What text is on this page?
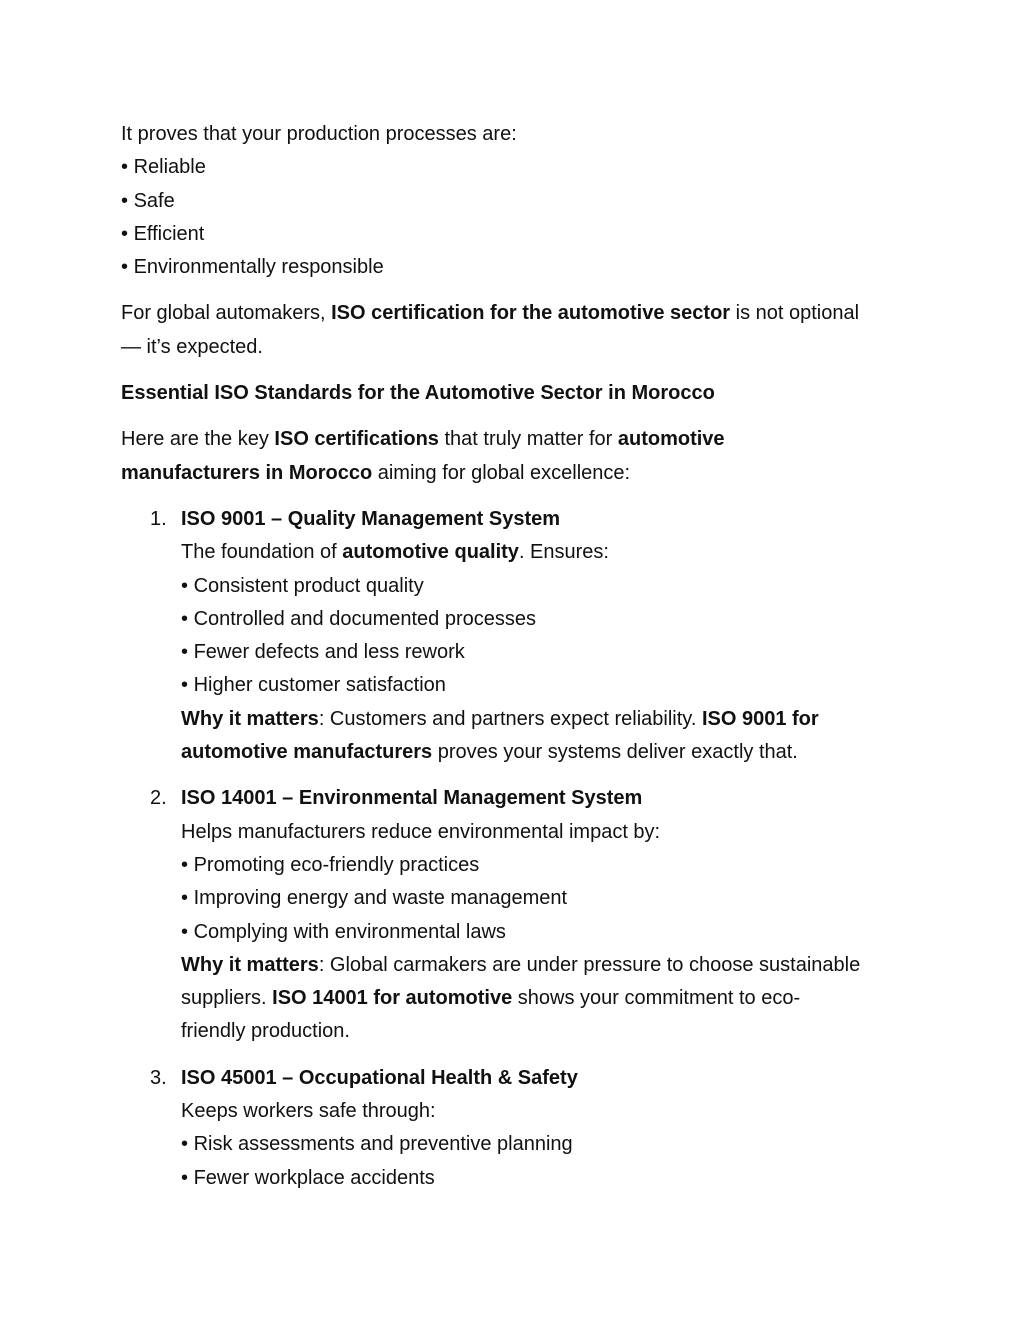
It proves that your production processes are:
• Reliable
• Safe
• Efficient
• Environmentally responsible
For global automakers, ISO certification for the automotive sector is not optional
— it’s expected.
Essential ISO Standards for the Automotive Sector in Morocco
Here are the key ISO certifications that truly matter for automotive
manufacturers in Morocco aiming for global excellence:
1. ISO 9001 – Quality Management System
The foundation of automotive quality. Ensures:
• Consistent product quality
• Controlled and documented processes
• Fewer defects and less rework
• Higher customer satisfaction
Why it matters: Customers and partners expect reliability. ISO 9001 for
automotive manufacturers proves your systems deliver exactly that.
2. ISO 14001 – Environmental Management System
Helps manufacturers reduce environmental impact by:
• Promoting eco-friendly practices
• Improving energy and waste management
• Complying with environmental laws
Why it matters: Global carmakers are under pressure to choose sustainable
suppliers. ISO 14001 for automotive shows your commitment to eco-
friendly production.
3. ISO 45001 – Occupational Health & Safety
Keeps workers safe through:
• Risk assessments and preventive planning
• Fewer workplace accidents
